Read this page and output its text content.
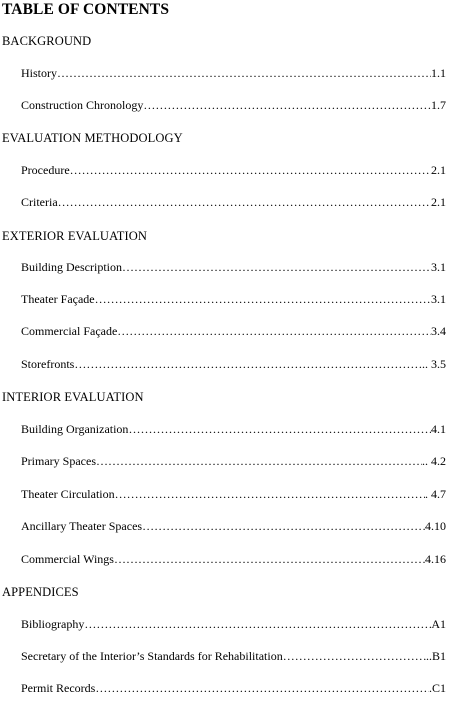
TABLE OF CONTENTS
BACKGROUND
History ……………………………………………………………………………………………………………………………………………………	1.1
Construction Chronology ……………………………………………………………………………………………………………………………………………………	1.7
EVALUATION METHODOLOGY
Procedure ……………………………………………………………………………………………………………………………………………………	2.1
Criteria ……………………………………………………………………………………………………………………………………………………	2.1
EXTERIOR EVALUATION
Building Description ……………………………………………………………………………………………………………………………………………………	3.1
Theater Façade ……………………………………………………………………………………………………………………………………………………	3.1
Commercial Façade ……………………………………………………………………………………………………………………………………………………	3.4
Storefronts ……………………………………………………………………………………………………………………………………………………	.. 3.5
INTERIOR EVALUATION
Building Organization ……………………………………………………………………………………………………………………………………………………	4.1
Primary Spaces ……………………………………………………………………………………………………………………………………………………	.. 4.2
Theater Circulation ……………………………………………………………………………………………………………………………………………………	. 4.7
Ancillary Theater Spaces ……………………………………………………………………………………………………………………………………………………	4.10
Commercial Wings ……………………………………………………………………………………………………………………………………………………	4.16
APPENDICES
Bibliography ……………………………………………………………………………………………………………………………………………………	A1
Secretary of the Interior’s Standards for Rehabilitation ……………………………………………………………………………………………………………………………………………………	..B1
Permit Records ……………………………………………………………………………………………………………………………………………………	.C1
